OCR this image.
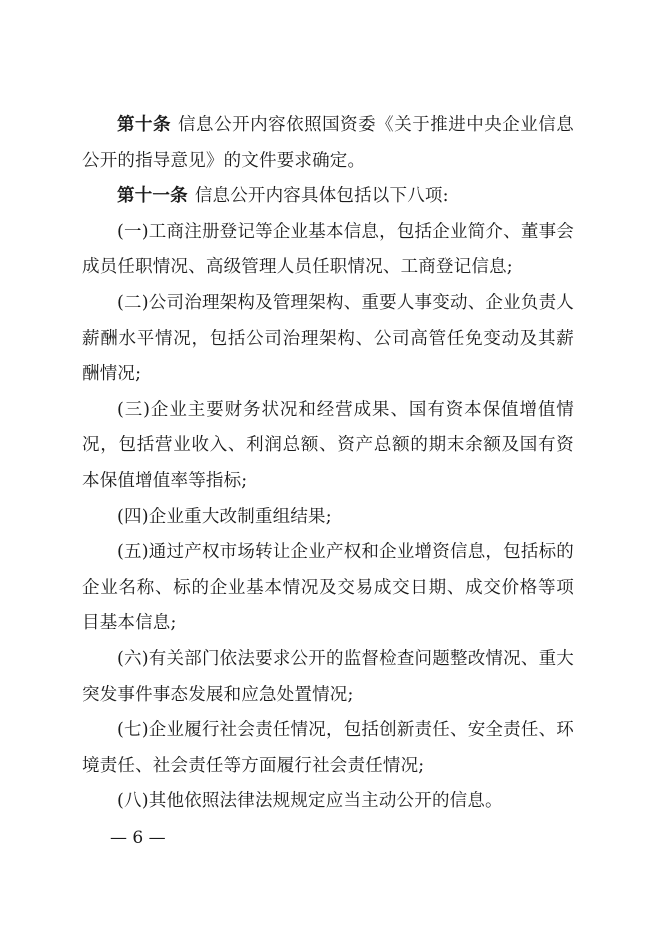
第十条 信息公开内容依照国资委《关于推进中央企业信息公开的指导意见》的文件要求确定。

第十一条 信息公开内容具体包括以下八项:

(一)工商注册登记等企业基本信息，包括企业简介、董事会成员任职情况、高级管理人员任职情况、工商登记信息;

(二)公司治理架构及管理架构、重要人事变动、企业负责人薪酬水平情况，包括公司治理架构、公司高管任免变动及其薪酬情况;

(三)企业主要财务状况和经营成果、国有资本保值增值情况，包括营业收入、利润总额、资产总额的期末余额及国有资本保值增值率等指标;

(四)企业重大改制重组结果;

(五)通过产权市场转让企业产权和企业增资信息，包括标的企业名称、标的企业基本情况及交易成交日期、成交价格等项目基本信息;

(六)有关部门依法要求公开的监督检查问题整改情况、重大突发事件事态发展和应急处置情况;

(七)企业履行社会责任情况，包括创新责任、安全责任、环境责任、社会责任等方面履行社会责任情况;

(八)其他依照法律法规规定应当主动公开的信息。

— 6 —
